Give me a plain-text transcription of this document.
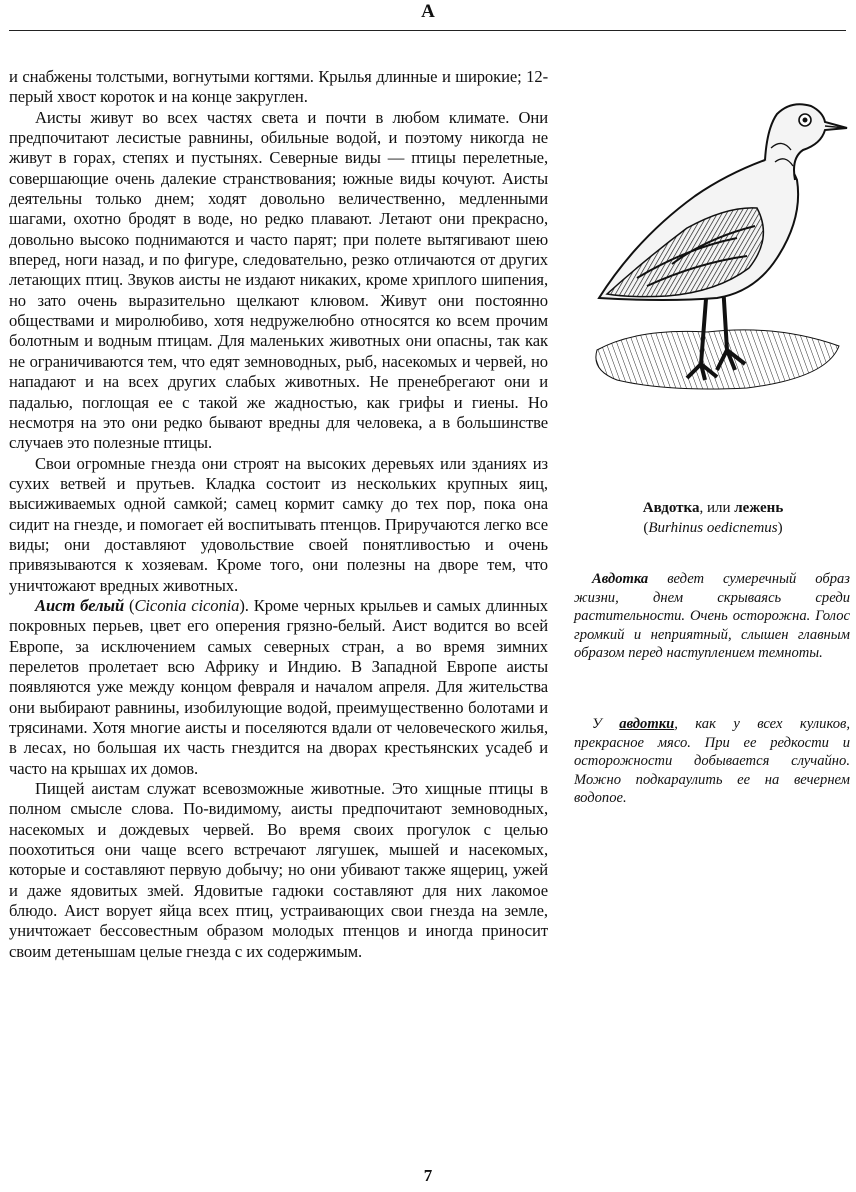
А

и снабжены толстыми, вогнутыми когтями. Крылья длинные и широкие; 12-перый хвост короток и на конце закруглен.

Аисты живут во всех частях света и почти в любом климате. Они предпочитают лесистые равнины, обильные водой, и поэтому никогда не живут в горах, степях и пустынях. Северные виды — птицы перелетные, совершающие очень далекие странствования; южные виды кочуют. Аисты деятельны только днем; ходят довольно величественно, медленными шагами, охотно бродят в воде, но редко плавают. Летают они прекрасно, довольно высоко поднимаются и часто парят; при полете вытягивают шею вперед, ноги назад, и по фигуре, следовательно, резко отличаются от других летающих птиц. Звуков аисты не издают никаких, кроме хриплого шипения, но зато очень выразительно щелкают клювом. Живут они постоянно обществами и миролюбиво, хотя недружелюбно относятся ко всем прочим болотным и водным птицам. Для маленьких животных они опасны, так как не ограничиваются тем, что едят земноводных, рыб, насекомых и червей, но нападают и на всех других слабых животных. Не пренебрегают они и падалью, поглощая ее с такой же жадностью, как грифы и гиены. Но несмотря на это они редко бывают вредны для человека, а в большинстве случаев это полезные птицы.

Свои огромные гнезда они строят на высоких деревьях или зданиях из сухих ветвей и прутьев. Кладка состоит из нескольких крупных яиц, высиживаемых одной самкой; самец кормит самку до тех пор, пока она сидит на гнезде, и помогает ей воспитывать птенцов. Приручаются легко все виды; они доставляют удовольствие своей понятливостью и очень привязываются к хозяевам. Кроме того, они полезны на дворе тем, что уничтожают вредных животных.

Аист белый (Ciconia ciconia). Кроме черных крыльев и самых длинных покровных перьев, цвет его оперения грязно-белый. Аист водится во всей Европе, за исключением самых северных стран, а во время зимних перелетов пролетает всю Африку и Индию. В Западной Европе аисты появляются уже между концом февраля и началом апреля. Для жительства они выбирают равнины, изобилующие водой, преимущественно болотами и трясинами. Хотя многие аисты и поселяются вдали от человеческого жилья, в лесах, но большая их часть гнездится на дворах крестьянских усадеб и часто на крышах их домов.

Пищей аистам служат всевозможные животные. Это хищные птицы в полном смысле слова. По-видимому, аисты предпочитают земноводных, насекомых и дождевых червей. Во время своих прогулок с целью поохотиться они чаще всего встречают лягушек, мышей и насекомых, которые и составляют первую добычу; но они убивают также ящериц, ужей и даже ядовитых змей. Ядовитые гадюки составляют для них лакомое блюдо. Аист ворует яйца всех птиц, устраивающих свои гнезда на земле, уничтожает бессовестным образом молодых птенцов и иногда приносит своим детенышам целые гнезда с их содержимым.

Авдотка, или лежень
(Burhinus oedicnemus)
Авдотка ведет сумеречный образ жизни, днем скрываясь среди растительности. Очень осторожна. Голос громкий и неприятный, слышен главным образом перед наступлением темноты.
У авдотки, как у всех куликов, прекрасное мясо. При ее редкости и осторожности добывается случайно. Можно подкараулить ее на вечернем водопое.
7
